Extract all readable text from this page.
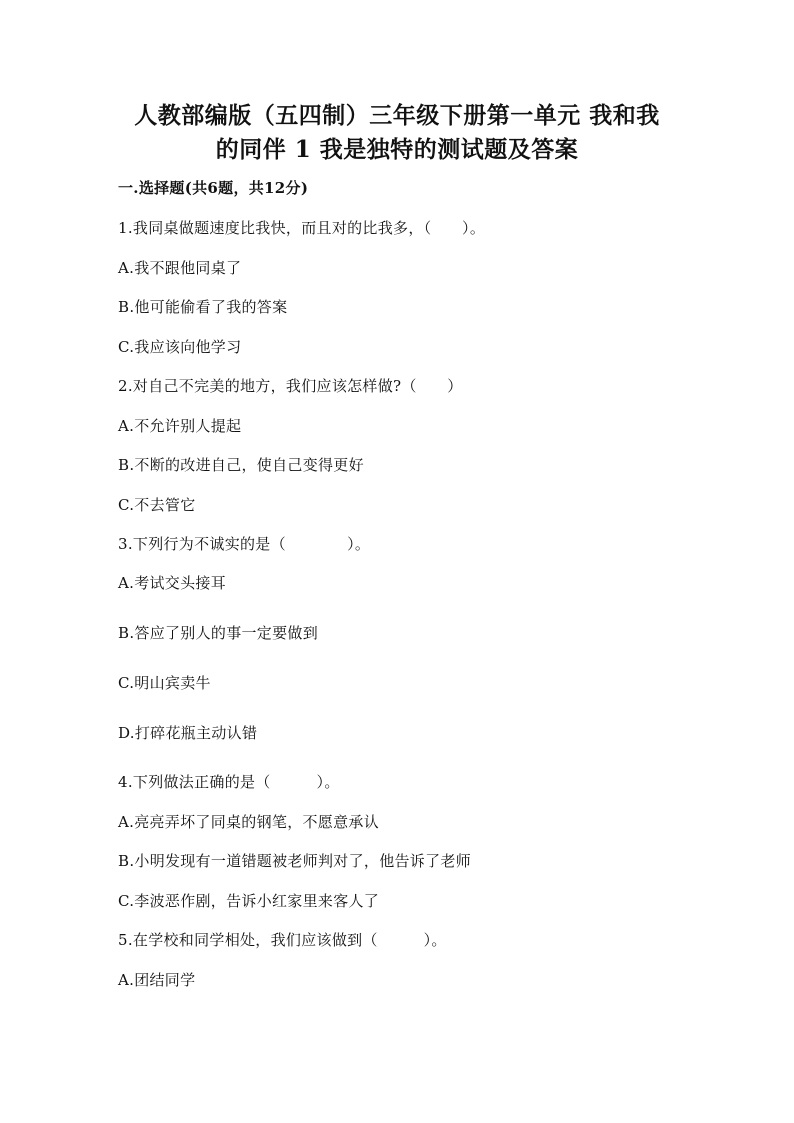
人教部编版（五四制）三年级下册第一单元 我和我
的同伴 1 我是独特的测试题及答案

一.选择题(共6题，共12分)

1.我同桌做题速度比我快，而且对的比我多，（　　）。

A.我不跟他同桌了

B.他可能偷看了我的答案

C.我应该向他学习

2.对自己不完美的地方，我们应该怎样做?（　　）

A.不允许别人提起

B.不断的改进自己，使自己变得更好

C.不去管它

3.下列行为不诚实的是（　　　　）。

A.考试交头接耳

B.答应了别人的事一定要做到

C.明山宾卖牛

D.打碎花瓶主动认错

4.下列做法正确的是（　　　）。

A.亮亮弄坏了同桌的钢笔，不愿意承认

B.小明发现有一道错题被老师判对了，他告诉了老师

C.李波恶作剧，告诉小红家里来客人了

5.在学校和同学相处，我们应该做到（　　　）。

A.团结同学
